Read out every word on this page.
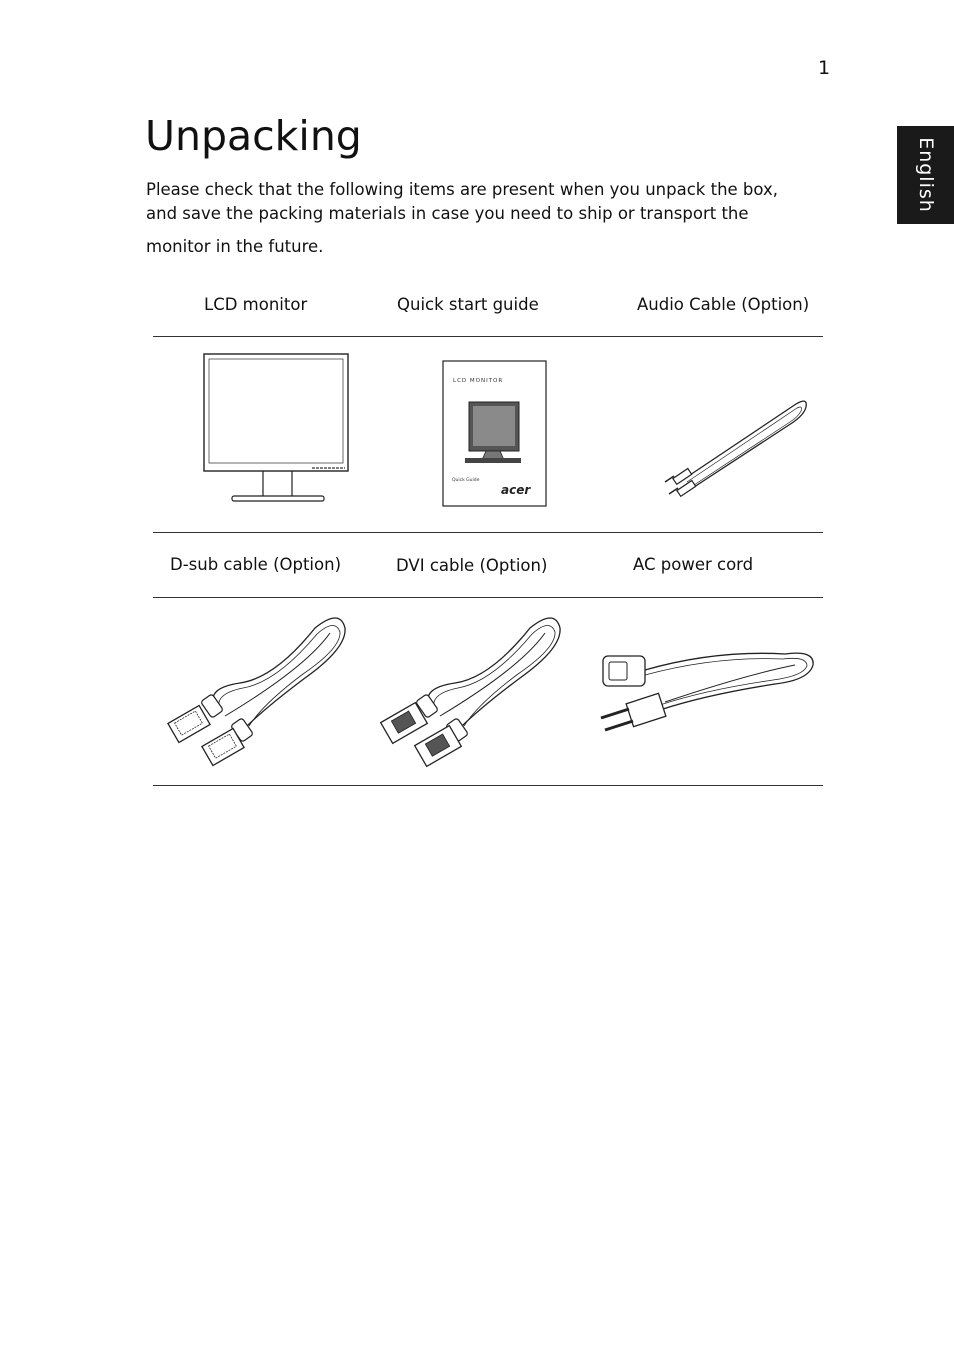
1
English
Unpacking

Please check that the following items are present when you unpack the box,
and save the packing materials in case you need to ship or transport the
monitor in the future.

LCD monitor	Quick start guide	Audio Cable (Option)
LCD MONITOR
Quick Guide
acer
D-sub cable (Option)	DVI cable (Option)	AC power cord
